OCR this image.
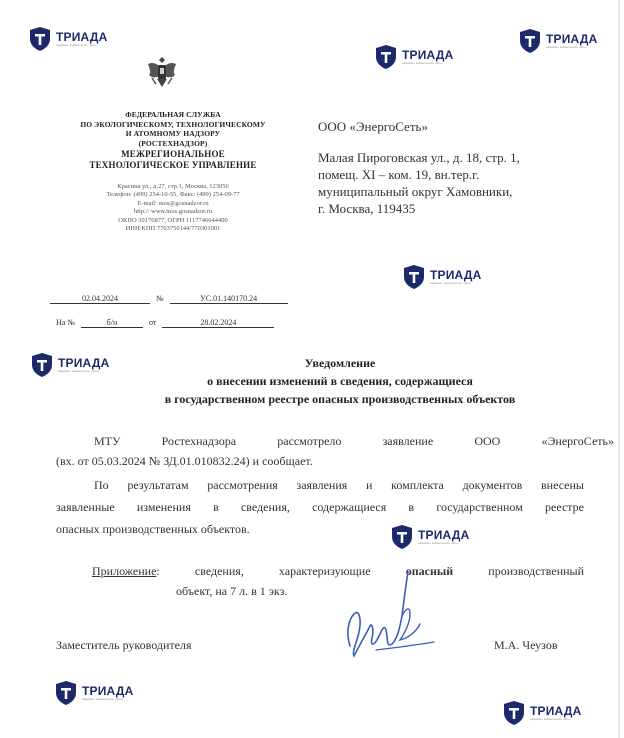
ТРИАДА
надежно, компетентно, легко	ТРИАДА
надежно, компетентно, легко
ТРИАДА
надежно, компетентно, легко
ТРИАДА
надежно, компетентно, легко
ТРИАДА
надежно, компетентно, легко
ТРИАДА
надежно, компетентно, легко
ТРИАДА
надежно, компетентно, легко
ТРИАДА
надежно, компетентно, легко
ФЕДЕРАЛЬНАЯ СЛУЖБА
ПО ЭКОЛОГИЧЕСКОМУ, ТЕХНОЛОГИЧЕСКОМУ
И АТОМНОМУ НАДЗОРУ
(РОСТЕХНАДЗОР)
МЕЖРЕГИОНАЛЬНОЕ
ТЕХНОЛОГИЧЕСКОЕ УПРАВЛЕНИЕ
Красина ул., д.27, стр.1, Москва, 123056
Телефон: (499) 254-10-55, Факс: (499) 254-09-77
E-mail: mos@gosnadzor.ru
http:// www.mos.gosnadzor.ru
ОКПО 39176877, ОГРН 1117746644400
ИНН/КПП 7703750144/770301001
02.04.2024	№	УС.01.140170.24
На №	б/н	от	28.02.2024
ООО «ЭнергоСеть»
Малая Пироговская ул., д. 18, стр. 1,
помещ. XI – ком. 19, вн.тер.г.
муниципальный округ Хамовники,
г. Москва, 119435
Уведомление
о внесении изменений в сведения, содержащиеся
в государственном реестре опасных производственных объектов
МТУ Ростехнадзора рассмотрело заявление ООО «ЭнергоСеть»
(вх. от 05.03.2024 № ЗД.01.010832.24) и сообщает.
По результатам рассмотрения заявления и комплекта документов внесены
заявленные изменения в сведения, содержащиеся в государственном реестре
опасных производственных объектов.
Приложение:	сведения, характеризующие	опасный	производственный
объект, на 7 л. в 1 экз.
Заместитель руководителя	М.А. Чеузов
